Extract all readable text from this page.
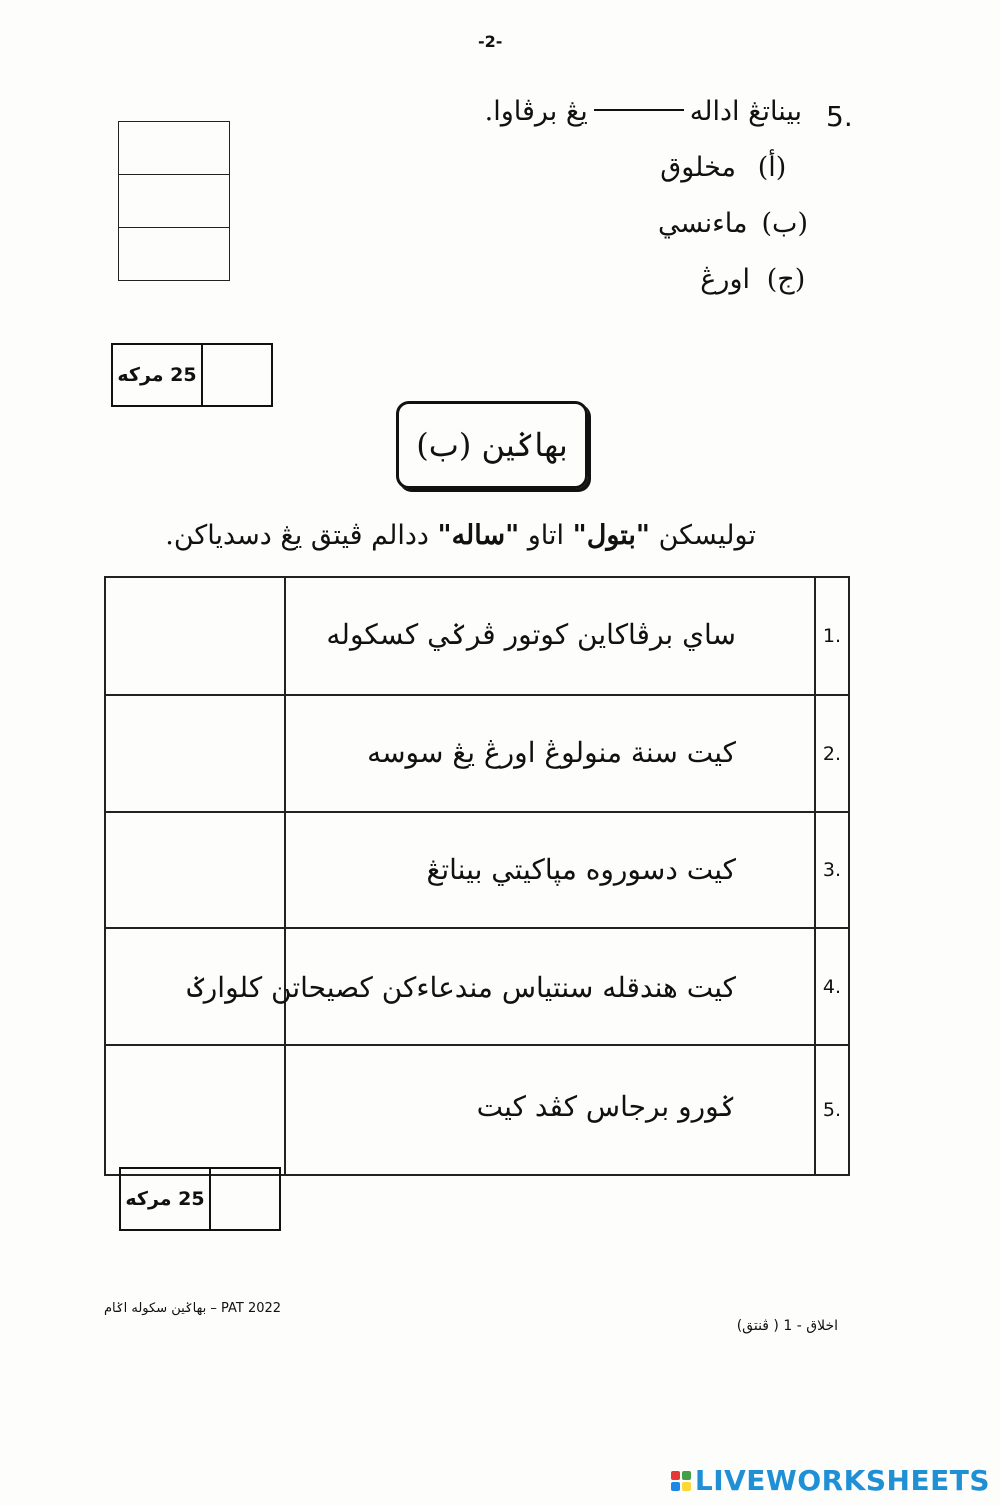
-2-
5.
بيناتڠ ادالهيڠ برڤاوا.
(أ)مخلوق
(ب)ماءنسي
(ج)اورڠ
25 مركه
بهاݢين (ب)
توليسكن "بتول" اتاو "ساله" ددالم ڤيتق يڠ دسدياكن.
ساي برڤاكاين كوتور ڤرݢي كسكوله	1.
كيت سنة منولوڠ اورڠ يڠ سوسه	2.
كيت دسوروه مڽاكيتي بيناتڠ	3.
كيت هندقله سنتياس مندعاءكن كصيحاتن كلوارݢ	4.
ݢورو برجاس كڤد كيت	5.
25 مركه
PAT 2022 – بهاݢين سكوله اݢام
اخلاق - 1 ( ڤنتق)
LIVEWORKSHEETS
